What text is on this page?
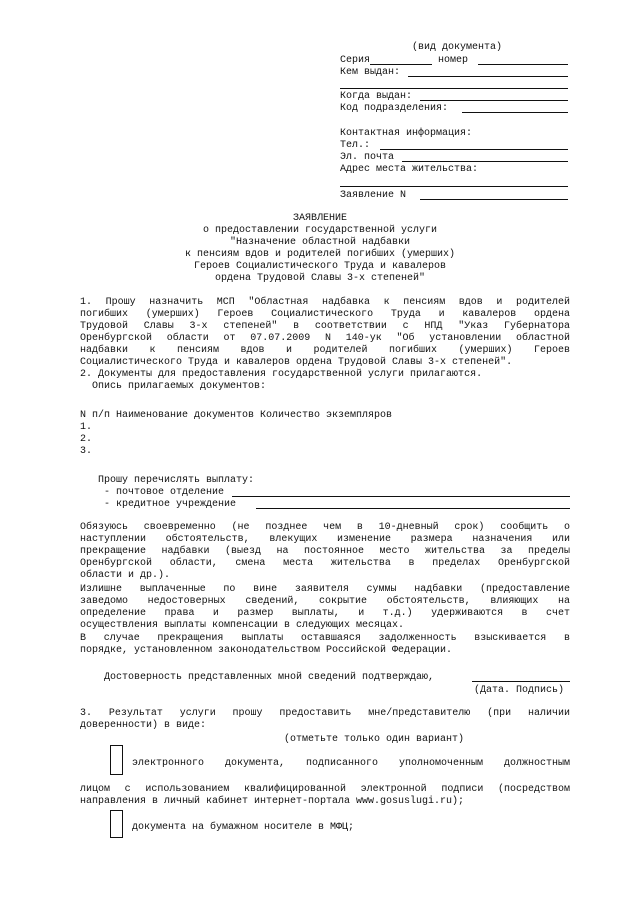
(вид документа)
Серия	номер
Кем выдан:
Когда выдан:
Код подразделения:
Контактная информация:
Тел.:
Эл. почта
Адрес места жительства:
Заявление N
ЗАЯВЛЕНИЕ
о предоставлении государственной услуги
"Назначение областной надбавки
к пенсиям вдов и родителей погибших (умерших)
Героев Социалистического Труда и кавалеров
ордена Трудовой Славы 3-х степеней"
1. Прошу назначить МСП "Областная надбавка к пенсиям вдов и родителей
погибших (умерших) Героев Социалистического Труда и кавалеров ордена
Трудовой Славы 3-х степеней" в соответствии с НПД "Указ Губернатора
Оренбургской области от 07.07.2009 N 140-ук "Об установлении областной
надбавки к пенсиям вдов и родителей погибших (умерших) Героев
Социалистического Труда и кавалеров ордена Трудовой Славы 3-х степеней".
2. Документы для предоставления государственной услуги прилагаются.
Опись прилагаемых документов:
N п/п Наименование документов Количество экземпляров
1.
2.
3.
Прошу перечислять выплату:
- почтовое отделение
- кредитное учреждение
Обязуюсь своевременно (не позднее чем в 10-дневный срок) сообщить о
наступлении обстоятельств, влекущих изменение размера назначения или
прекращение надбавки (выезд на постоянное место жительства за пределы
Оренбургской области, смена места жительства в пределах Оренбургской
области и др.).
Излишне выплаченные по вине заявителя суммы надбавки (предоставление
заведомо недостоверных сведений, сокрытие обстоятельств, влияющих на
определение права и размер выплаты, и т.д.) удерживаются в счет
осуществления выплаты компенсации в следующих месяцах.
В случае прекращения выплаты оставшаяся задолженность взыскивается в
порядке, установленном законодательством Российской Федерации.
Достоверность представленных мной сведений подтверждаю,
(Дата. Подпись)
3. Результат услуги прошу предоставить мне/представителю (при наличии
доверенности) в виде:
(отметьте только один вариант)
электронного  документа,  подписанного  уполномоченным  должностным
лицом с использованием квалифицированной электронной подписи (посредством
направления в личный кабинет интернет-портала www.gosuslugi.ru);
документа на бумажном носителе в МФЦ;
